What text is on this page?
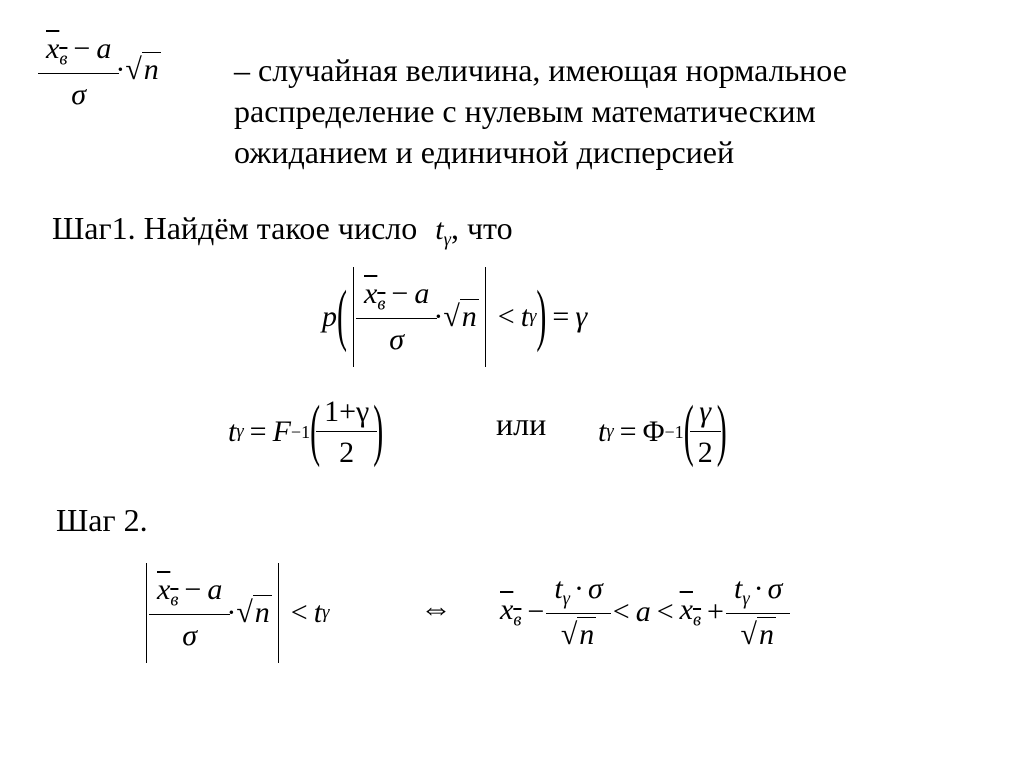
$\frac{x_в - a}{\sigma} \cdot√n$ – случайная величина, имеющая нормальное
распределение с нулевым математическим
ожиданием и единичной дисперсией
Шаг1. Найдём такое число $t_\gamma$, что
p ( $\frac{x_в - a}{\sigma} \cdot √n < t$ γ ) = γ
t γ = F −1 ( $\frac{1+\gamma}{2}$ )	или t γ = Φ −1 ( $\frac{\gamma}{2}$ )
Шаг 2.
$\frac{x_в - a}{\sigma} \cdot √n < t$ γ	⇔ $x_в - \frac{t_\gamma \cdot \sigma}{√n} < a < x_в + \frac{t_\gamma \cdot \sigma}{√n}$
